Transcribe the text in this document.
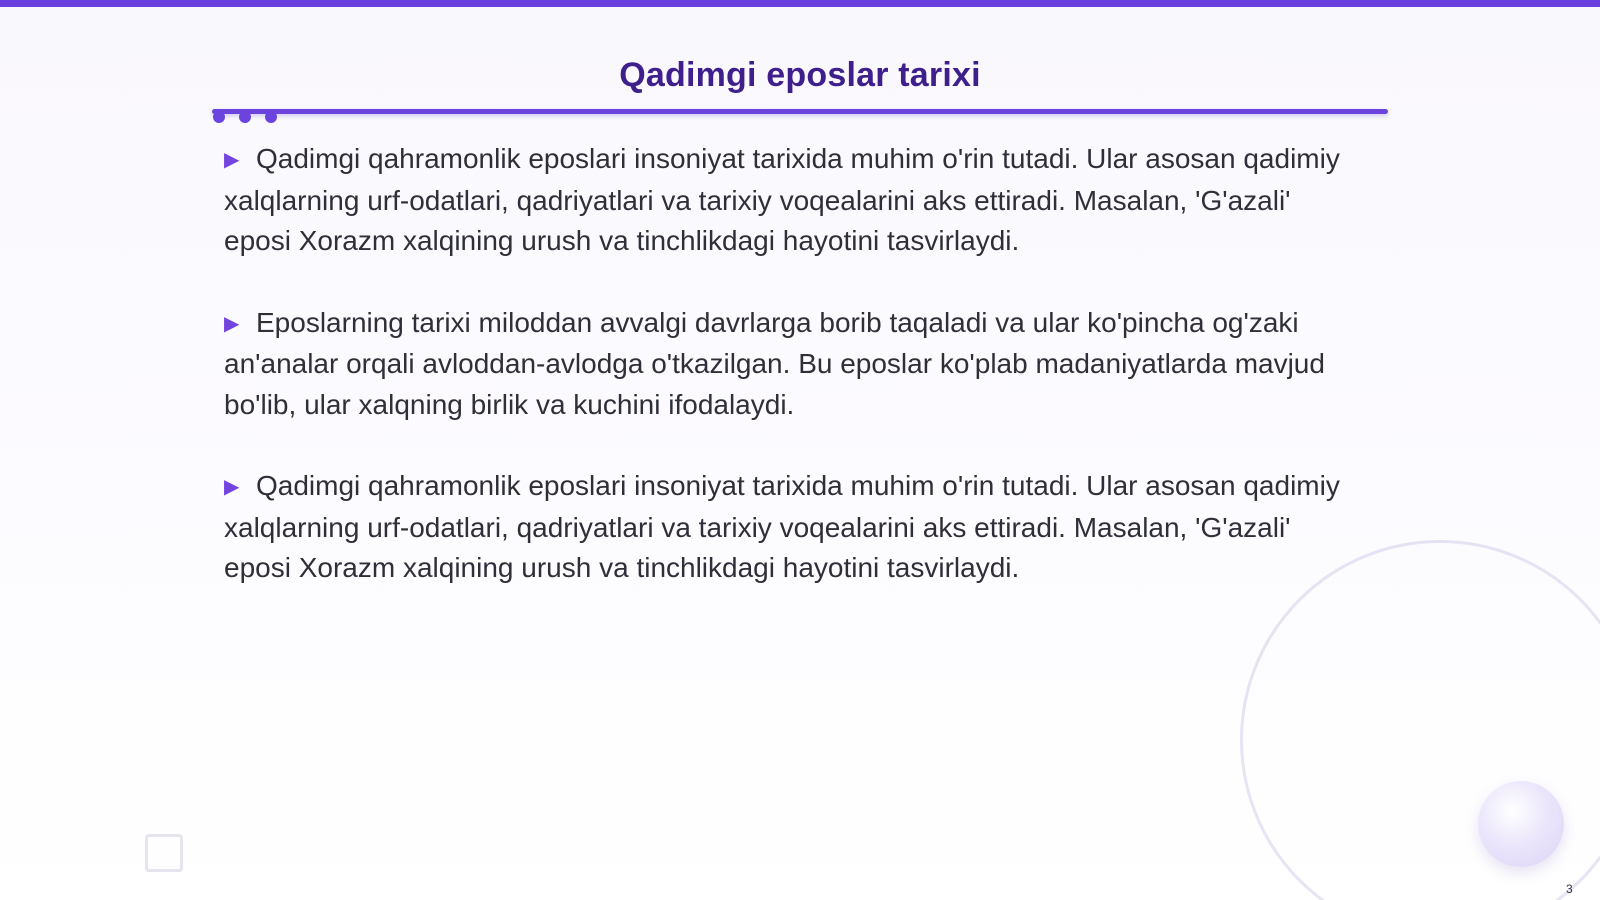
Qadimgi eposlar tarixi

▶ Qadimgi qahramonlik eposlari insoniyat tarixida muhim o'rin tutadi. Ular asosan qadimiy xalqlarning urf-odatlari, qadriyatlari va tarixiy voqealarini aks ettiradi. Masalan, 'G'azali' eposi Xorazm xalqining urush va tinchlikdagi hayotini tasvirlaydi.

▶ Eposlarning tarixi miloddan avvalgi davrlarga borib taqaladi va ular ko'pincha og'zaki an'analar orqali avloddan-avlodga o'tkazilgan. Bu eposlar ko'plab madaniyatlarda mavjud bo'lib, ular xalqning birlik va kuchini ifodalaydi.

▶ Qadimgi qahramonlik eposlari insoniyat tarixida muhim o'rin tutadi. Ular asosan qadimiy xalqlarning urf-odatlari, qadriyatlari va tarixiy voqealarini aks ettiradi. Masalan, 'G'azali' eposi Xorazm xalqining urush va tinchlikdagi hayotini tasvirlaydi.

3
